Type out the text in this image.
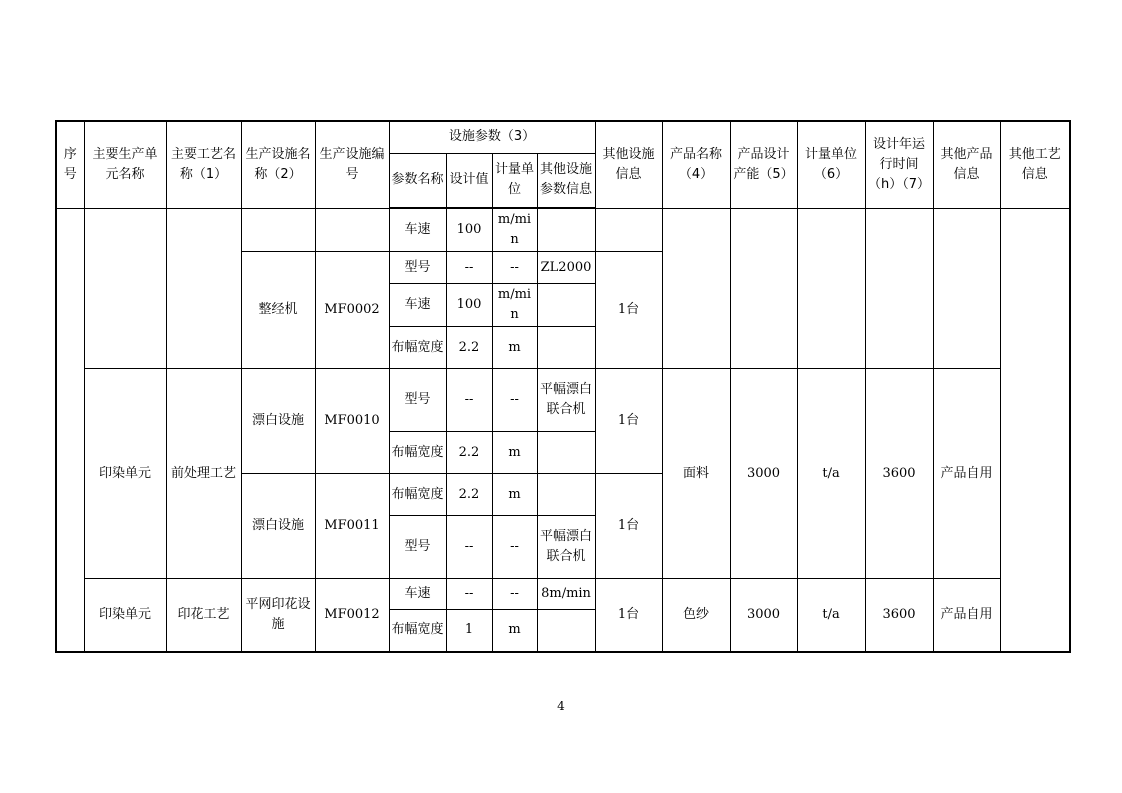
序号	主要生产单元名称	主要工艺名称（1）	生产设施名称（2）	生产设施编号	设施参数（3）				其他设施信息	产品名称（4）	产品设计产能（5）	计量单位（6）	设计年运行时间（h）（7）	其他产品信息	其他工艺信息
					参数名称	设计值	计量单位	其他设施参数信息							
					车速	100	m/min								
			整经机	MF0002	型号	--	--	ZL2000	1台						
					车速	100	m/min								
					布幅宽度	2.2	m								
	印染单元	前处理工艺	漂白设施	MF0010	型号	--	--	平幅漂白联合机	1台	面料	3000	t/a	3600	产品自用	
					布幅宽度	2.2	m								
			漂白设施	MF0011	布幅宽度	2.2	m		1台						
					型号	--	--	平幅漂白联合机							
	印染单元	印花工艺	平网印花设施	MF0012	车速	--	--	8m/min	1台	色纱	3000	t/a	3600	产品自用	
					布幅宽度	1	m								
4
